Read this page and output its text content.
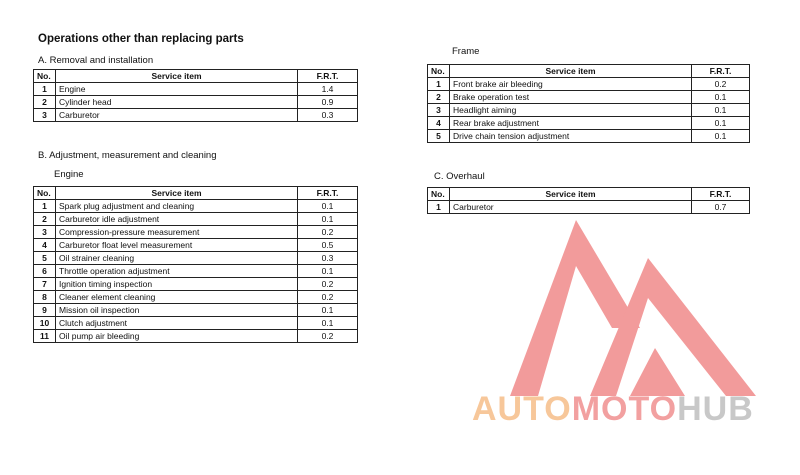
Operations other than replacing parts
A. Removal and installation
B. Adjustment, measurement and cleaning
Engine
Frame
C. Overhaul
No.	Service item	F.R.T.
1	Engine	1.4
2	Cylinder head	0.9
3	Carburetor	0.3
No.	Service item	F.R.T.
1	Spark plug adjustment and cleaning	0.1
2	Carburetor idle adjustment	0.1
3	Compression-pressure measurement	0.2
4	Carburetor float level measurement	0.5
5	Oil strainer cleaning	0.3
6	Throttle operation adjustment	0.1
7	Ignition timing inspection	0.2
8	Cleaner element cleaning	0.2
9	Mission oil inspection	0.1
10	Clutch adjustment	0.1
11	Oil pump air bleeding	0.2
No.	Service item	F.R.T.
1	Front brake air bleeding	0.2
2	Brake operation test	0.1
3	Headlight aiming	0.1
4	Rear brake adjustment	0.1
5	Drive chain tension adjustment	0.1
No.	Service item	F.R.T.
1	Carburetor	0.7
AUTOMOTOHUB
